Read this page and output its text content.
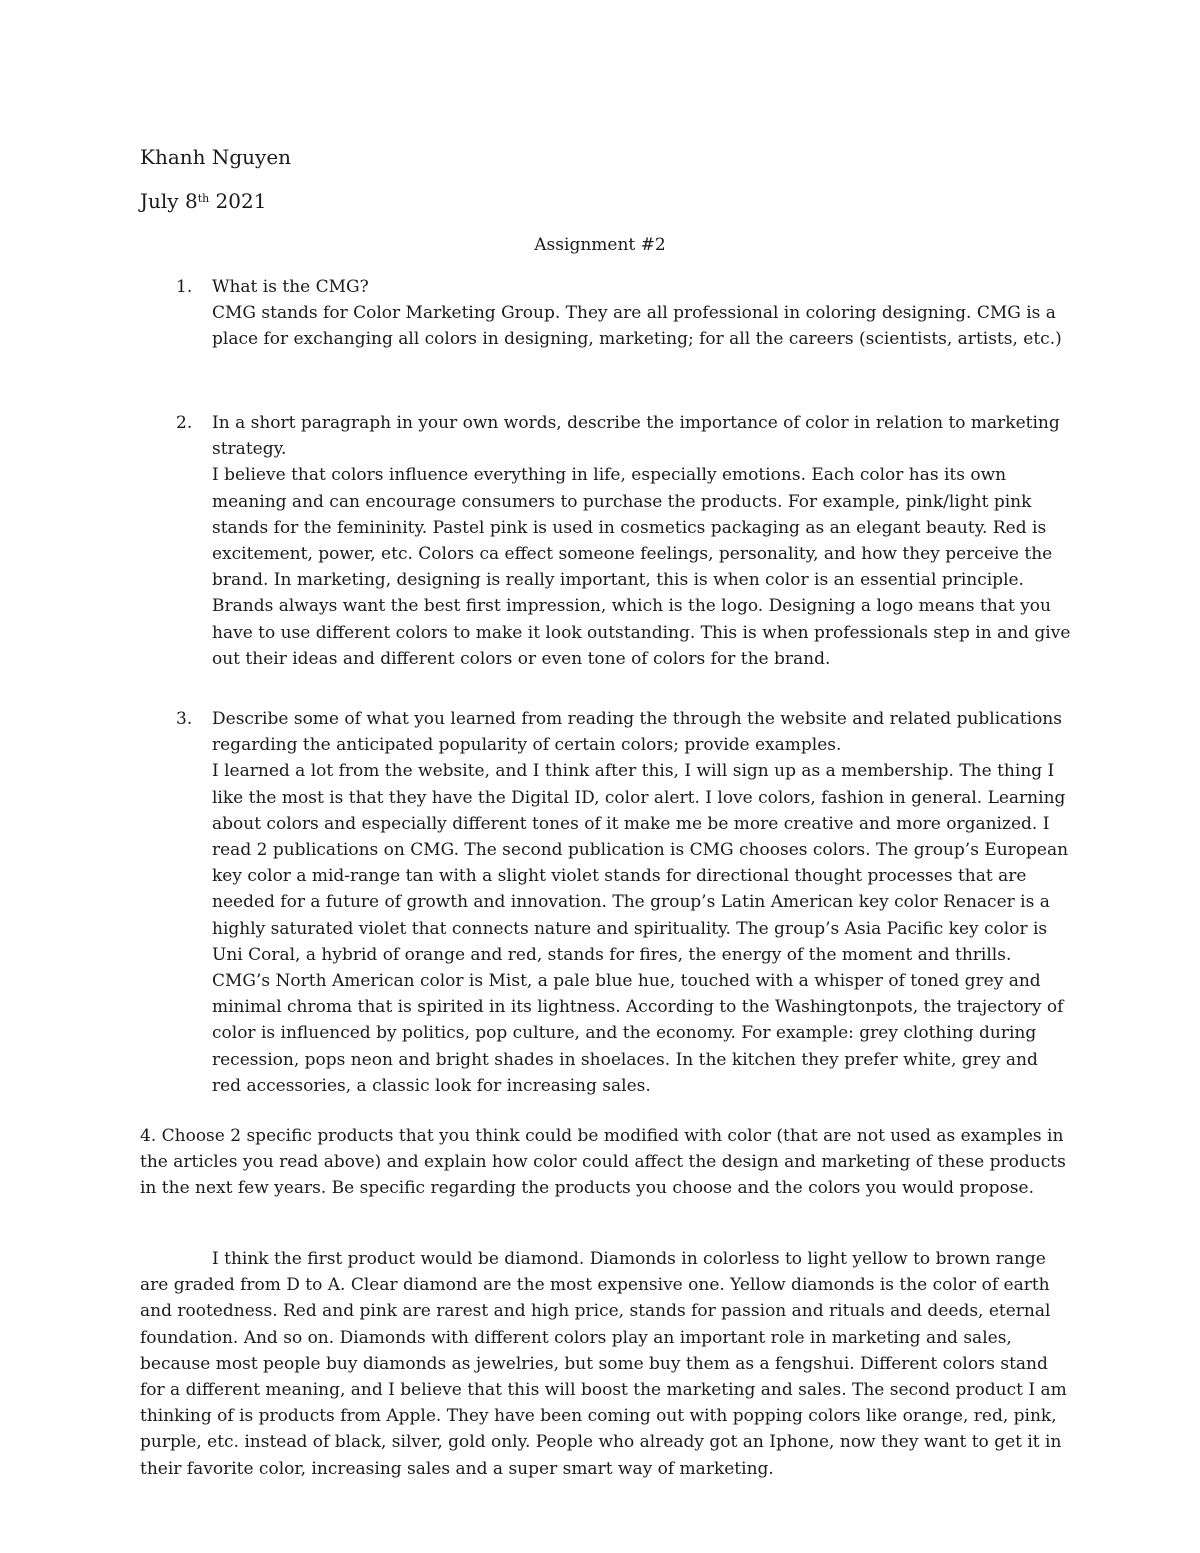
Khanh Nguyen
July 8th 2021
Assignment #2
1. What is the CMG?

CMG stands for Color Marketing Group. They are all professional in coloring designing. CMG is a place for exchanging all colors in designing, marketing; for all the careers (scientists, artists, etc.)

2. In a short paragraph in your own words, describe the importance of color in relation to marketing strategy.

I believe that colors influence everything in life, especially emotions. Each color has its own meaning and can encourage consumers to purchase the products. For example, pink/light pink stands for the femininity. Pastel pink is used in cosmetics packaging as an elegant beauty. Red is excitement, power, etc. Colors ca effect someone feelings, personality, and how they perceive the brand. In marketing, designing is really important, this is when color is an essential principle. Brands always want the best first impression, which is the logo. Designing a logo means that you have to use different colors to make it look outstanding. This is when professionals step in and give out their ideas and different colors or even tone of colors for the brand.

3. Describe some of what you learned from reading the through the website and related publications regarding the anticipated popularity of certain colors; provide examples.

I learned a lot from the website, and I think after this, I will sign up as a membership. The thing I like the most is that they have the Digital ID, color alert. I love colors, fashion in general. Learning about colors and especially different tones of it make me be more creative and more organized. I read 2 publications on CMG. The second publication is CMG chooses colors. The group’s European key color a mid-range tan with a slight violet stands for directional thought processes that are needed for a future of growth and innovation. The group’s Latin American key color Renacer is a highly saturated violet that connects nature and spirituality. The group’s Asia Pacific key color is Uni Coral, a hybrid of orange and red, stands for fires, the energy of the moment and thrills. CMG’s North American color is Mist, a pale blue hue, touched with a whisper of toned grey and minimal chroma that is spirited in its lightness. According to the Washingtonpots, the trajectory of color is influenced by politics, pop culture, and the economy. For example: grey clothing during recession, pops neon and bright shades in shoelaces. In the kitchen they prefer white, grey and red accessories, a classic look for increasing sales.

4. Choose 2 specific products that you think could be modified with color (that are not used as examples in the articles you read above) and explain how color could affect the design and marketing of these products in the next few years. Be specific regarding the products you choose and the colors you would propose.

I think the first product would be diamond. Diamonds in colorless to light yellow to brown range are graded from D to A. Clear diamond are the most expensive one. Yellow diamonds is the color of earth and rootedness. Red and pink are rarest and high price, stands for passion and rituals and deeds, eternal foundation. And so on. Diamonds with different colors play an important role in marketing and sales, because most people buy diamonds as jewelries, but some buy them as a fengshui. Different colors stand for a different meaning, and I believe that this will boost the marketing and sales. The second product I am thinking of is products from Apple. They have been coming out with popping colors like orange, red, pink, purple, etc. instead of black, silver, gold only. People who already got an Iphone, now they want to get it in their favorite color, increasing sales and a super smart way of marketing.
